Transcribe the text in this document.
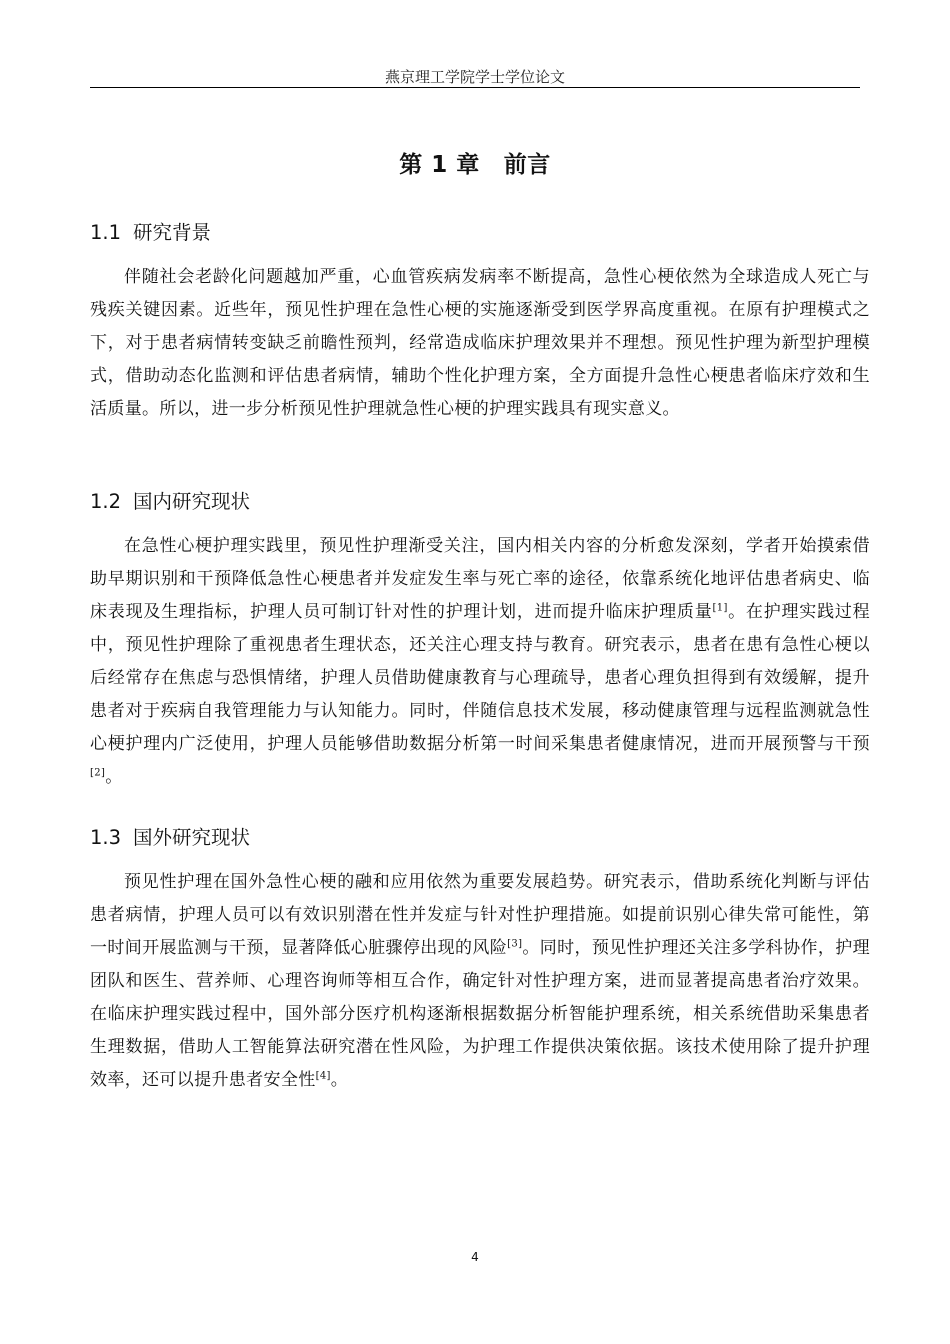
燕京理工学院学士学位论文
第 1 章 前言
1.1 研究背景

伴随社会老龄化问题越加严重，心血管疾病发病率不断提高，急性心梗依然为全球造成人死亡与残疾关键因素。近些年，预见性护理在急性心梗的实施逐渐受到医学界高度重视。在原有护理模式之下，对于患者病情转变缺乏前瞻性预判，经常造成临床护理效果并不理想。预见性护理为新型护理模式，借助动态化监测和评估患者病情，辅助个性化护理方案，全方面提升急性心梗患者临床疗效和生活质量。所以，进一步分析预见性护理就急性心梗的护理实践具有现实意义。

1.2 国内研究现状

在急性心梗护理实践里，预见性护理渐受关注，国内相关内容的分析愈发深刻，学者开始摸索借助早期识别和干预降低急性心梗患者并发症发生率与死亡率的途径，依靠系统化地评估患者病史、临床表现及生理指标，护理人员可制订针对性的护理计划，进而提升临床护理质量[1]。在护理实践过程中，预见性护理除了重视患者生理状态，还关注心理支持与教育。研究表示，患者在患有急性心梗以后经常存在焦虑与恐惧情绪，护理人员借助健康教育与心理疏导，患者心理负担得到有效缓解，提升患者对于疾病自我管理能力与认知能力。同时，伴随信息技术发展，移动健康管理与远程监测就急性心梗护理内广泛使用，护理人员能够借助数据分析第一时间采集患者健康情况，进而开展预警与干预[2]。

1.3 国外研究现状

预见性护理在国外急性心梗的融和应用依然为重要发展趋势。研究表示，借助系统化判断与评估患者病情，护理人员可以有效识别潜在性并发症与针对性护理措施。如提前识别心律失常可能性，第一时间开展监测与干预，显著降低心脏骤停出现的风险[3]。同时，预见性护理还关注多学科协作，护理团队和医生、营养师、心理咨询师等相互合作，确定针对性护理方案，进而显著提高患者治疗效果。在临床护理实践过程中，国外部分医疗机构逐渐根据数据分析智能护理系统，相关系统借助采集患者生理数据，借助人工智能算法研究潜在性风险，为护理工作提供决策依据。该技术使用除了提升护理效率，还可以提升患者安全性[4]。

4
